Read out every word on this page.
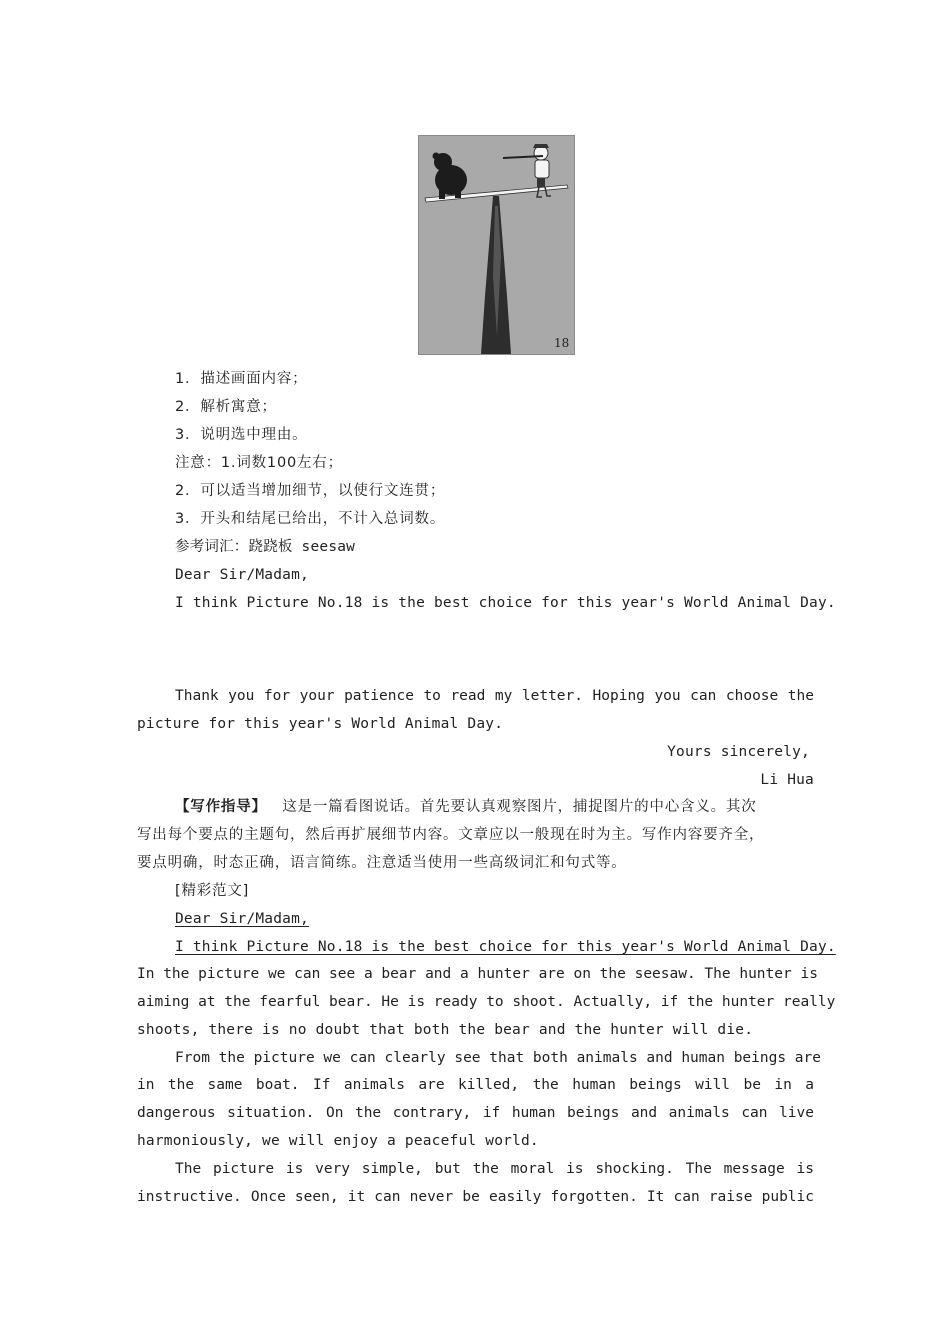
18
1．描述画面内容；
2．解析寓意；
3．说明选中理由。
注意：1.词数100左右；
2．可以适当增加细节，以使行文连贯；
3．开头和结尾已给出，不计入总词数。
参考词汇：跷跷板 seesaw
Dear Sir/Madam,
I think Picture No.18 is the best choice for this year's World Animal Day.
Thank you for your patience to read my letter. Hoping you can choose the
picture for this year's World Animal Day.
Yours sincerely,
Li Hua
【写作指导】 这是一篇看图说话。首先要认真观察图片，捕捉图片的中心含义。其次
写出每个要点的主题句，然后再扩展细节内容。文章应以一般现在时为主。写作内容要齐全，
要点明确，时态正确，语言简练。注意适当使用一些高级词汇和句式等。
[精彩范文]
Dear Sir/Madam,
I think Picture No.18 is the best choice for this year's World Animal Day.
In the picture we can see a bear and a hunter are on the seesaw. The hunter is
aiming at the fearful bear. He is ready to shoot. Actually, if the hunter really
shoots, there is no doubt that both the bear and the hunter will die.
From the picture we can clearly see that both animals and human beings are
in the same boat. If animals are killed, the human beings will be in a
dangerous situation. On the contrary, if human beings and animals can live
harmoniously, we will enjoy a peaceful world.
The picture is very simple, but the moral is shocking. The message is
instructive. Once seen, it can never be easily forgotten. It can raise public
